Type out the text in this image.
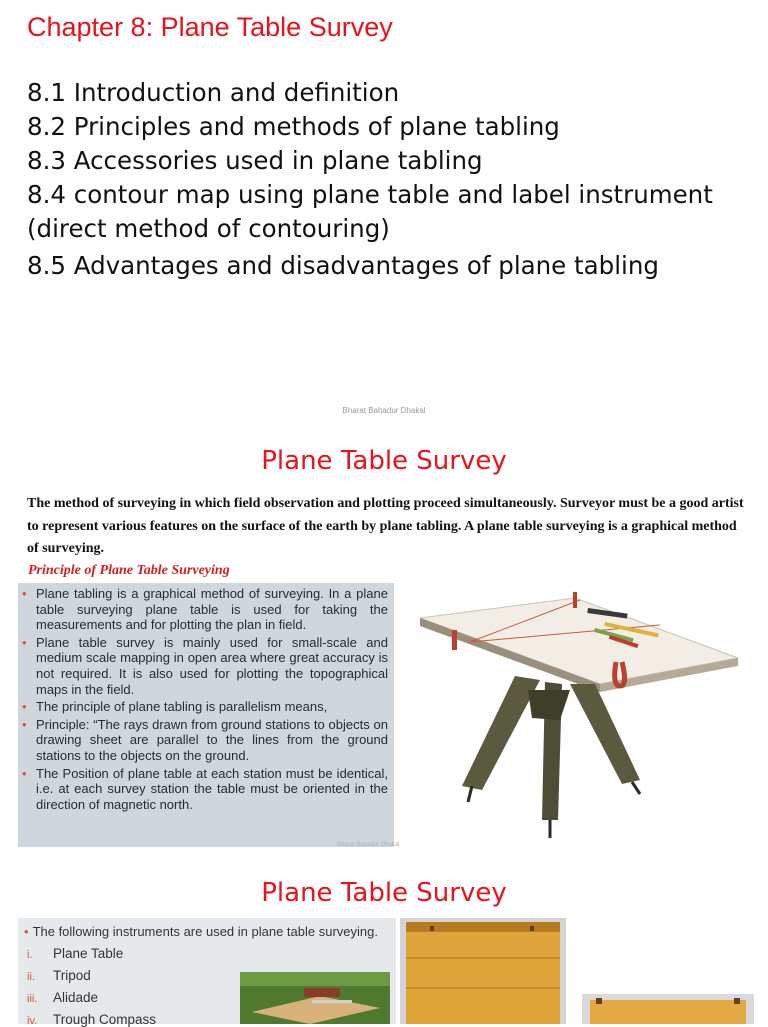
Chapter 8: Plane Table Survey
8.1 Introduction and definition
8.2 Principles and methods of plane tabling
8.3 Accessories used in plane tabling
8.4 contour map using plane table and label instrument
(direct method of contouring)
8.5 Advantages and disadvantages of plane tabling
Bharat Bahadur Dhakal
Plane Table Survey
The method of surveying in which field observation and plotting proceed simultaneously. Surveyor must be a good artist to represent various features on the surface of the earth by plane tabling. A plane table surveying is a graphical method of surveying.
Principle of Plane Table Surveying
• Plane tabling is a graphical method of surveying. In a plane table surveying plane table is used for taking the measurements and for plotting the plan in field.
• Plane table survey is mainly used for small-scale and medium scale mapping in open area where great accuracy is not required. It is also used for plotting the topographical maps in the field.
• The principle of plane tabling is parallelism means,
• Principle: “The rays drawn from ground stations to objects on drawing sheet are parallel to the lines from the ground stations to the objects on the ground.
• The Position of plane table at each station must be identical, i.e. at each survey station the table must be oriented in the direction of magnetic north.
Bharat Bahadur Dhakal
Plane Table Survey
• The following instruments are used in plane table surveying.
i. Plane Table
ii. Tripod
iii. Alidade
iv. Trough Compass
